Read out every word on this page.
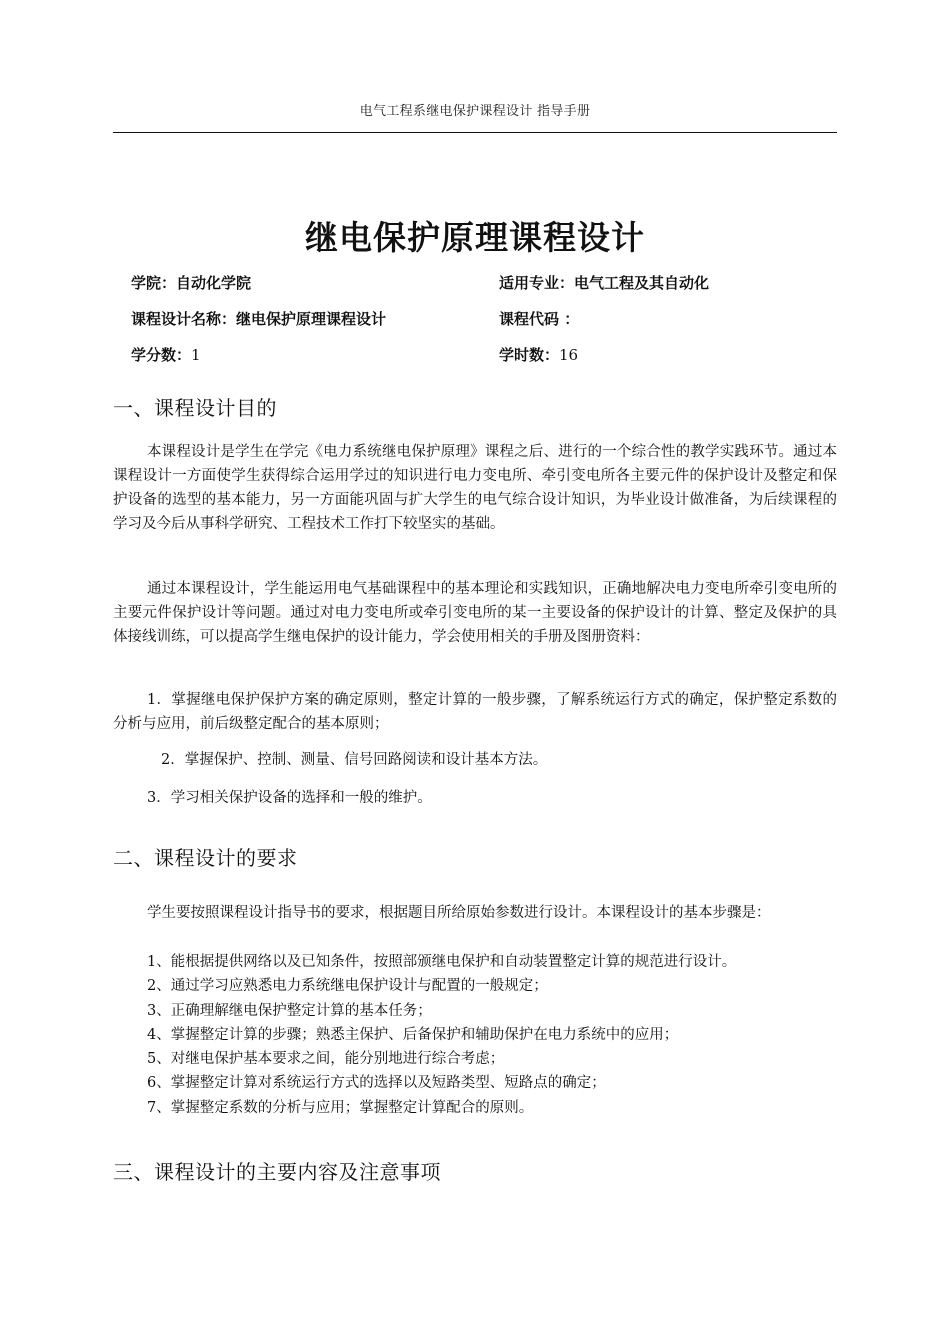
电气工程系继电保护课程设计 指导手册
继电保护原理课程设计
学院：自动化学院	适用专业：电气工程及其自动化
课程设计名称：继电保护原理课程设计	课程代码 ：
学分数：1	学时数：16
一、课程设计目的

本课程设计是学生在学完《电力系统继电保护原理》课程之后、进行的一个综合性的教学实践环节。通过本课程设计一方面使学生获得综合运用学过的知识进行电力变电所、牵引变电所各主要元件的保护设计及整定和保护设备的选型的基本能力，另一方面能巩固与扩大学生的电气综合设计知识，为毕业设计做准备，为后续课程的学习及今后从事科学研究、工程技术工作打下较坚实的基础。

通过本课程设计，学生能运用电气基础课程中的基本理论和实践知识，正确地解决电力变电所牵引变电所的主要元件保护设计等问题。通过对电力变电所或牵引变电所的某一主要设备的保护设计的计算、整定及保护的具体接线训练，可以提高学生继电保护的设计能力，学会使用相关的手册及图册资料：

1．掌握继电保护保护方案的确定原则，整定计算的一般步骤，了解系统运行方式的确定，保护整定系数的分析与应用，前后级整定配合的基本原则；

2．掌握保护、控制、测量、信号回路阅读和设计基本方法。

3．学习相关保护设备的选择和一般的维护。

二、课程设计的要求

学生要按照课程设计指导书的要求，根据题目所给原始参数进行设计。本课程设计的基本步骤是：

1、能根据提供网络以及已知条件，按照部颁继电保护和自动装置整定计算的规范进行设计。
2、通过学习应熟悉电力系统继电保护设计与配置的一般规定；
3、正确理解继电保护整定计算的基本任务；
4、掌握整定计算的步骤；熟悉主保护、后备保护和辅助保护在电力系统中的应用；
5、对继电保护基本要求之间，能分别地进行综合考虑；
6、掌握整定计算对系统运行方式的选择以及短路类型、短路点的确定；
7、掌握整定系数的分析与应用；掌握整定计算配合的原则。
三、课程设计的主要内容及注意事项
